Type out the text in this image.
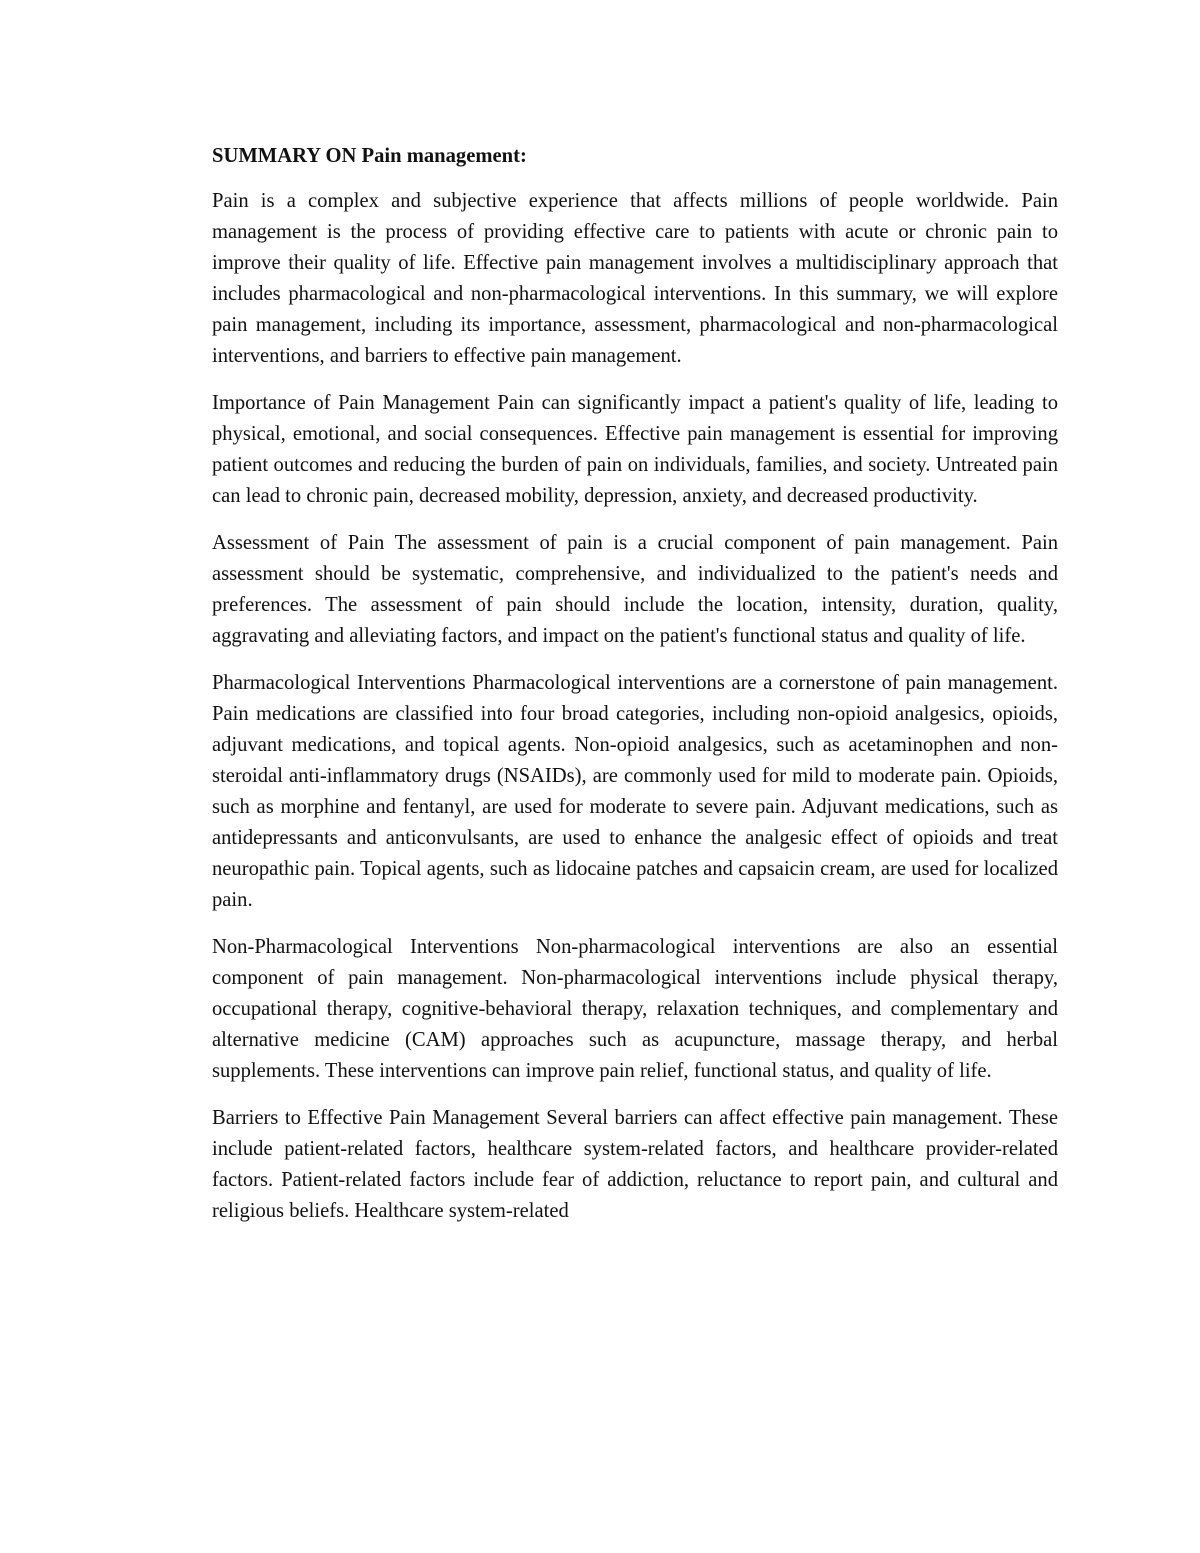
SUMMARY ON Pain management:

Pain is a complex and subjective experience that affects millions of people worldwide. Pain management is the process of providing effective care to patients with acute or chronic pain to improve their quality of life. Effective pain management involves a multidisciplinary approach that includes pharmacological and non-pharmacological interventions. In this summary, we will explore pain management, including its importance, assessment, pharmacological and non-pharmacological interventions, and barriers to effective pain management.

Importance of Pain Management Pain can significantly impact a patient's quality of life, leading to physical, emotional, and social consequences. Effective pain management is essential for improving patient outcomes and reducing the burden of pain on individuals, families, and society. Untreated pain can lead to chronic pain, decreased mobility, depression, anxiety, and decreased productivity.

Assessment of Pain The assessment of pain is a crucial component of pain management. Pain assessment should be systematic, comprehensive, and individualized to the patient's needs and preferences. The assessment of pain should include the location, intensity, duration, quality, aggravating and alleviating factors, and impact on the patient's functional status and quality of life.

Pharmacological Interventions Pharmacological interventions are a cornerstone of pain management. Pain medications are classified into four broad categories, including non-opioid analgesics, opioids, adjuvant medications, and topical agents. Non-opioid analgesics, such as acetaminophen and non-steroidal anti-inflammatory drugs (NSAIDs), are commonly used for mild to moderate pain. Opioids, such as morphine and fentanyl, are used for moderate to severe pain. Adjuvant medications, such as antidepressants and anticonvulsants, are used to enhance the analgesic effect of opioids and treat neuropathic pain. Topical agents, such as lidocaine patches and capsaicin cream, are used for localized pain.

Non-Pharmacological Interventions Non-pharmacological interventions are also an essential component of pain management. Non-pharmacological interventions include physical therapy, occupational therapy, cognitive-behavioral therapy, relaxation techniques, and complementary and alternative medicine (CAM) approaches such as acupuncture, massage therapy, and herbal supplements. These interventions can improve pain relief, functional status, and quality of life.

Barriers to Effective Pain Management Several barriers can affect effective pain management. These include patient-related factors, healthcare system-related factors, and healthcare provider-related factors. Patient-related factors include fear of addiction, reluctance to report pain, and cultural and religious beliefs. Healthcare system-related
